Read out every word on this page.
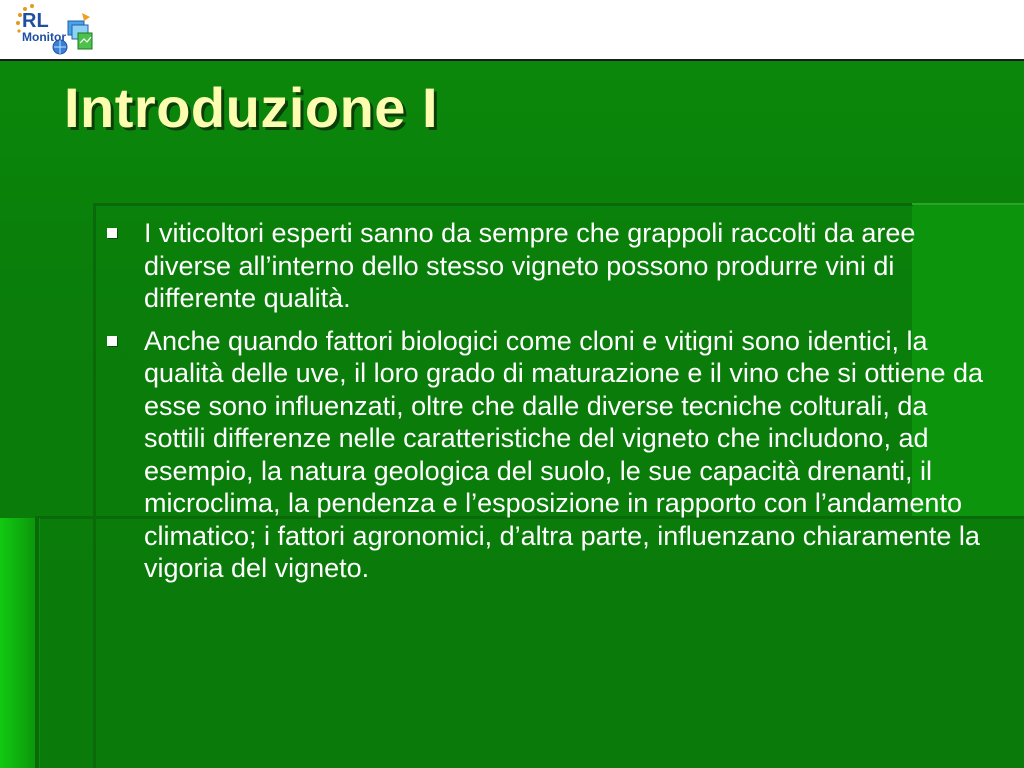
RL
Monitor
Introduzione I
I viticoltori esperti sanno da sempre che grappoli raccolti da aree diverse all’interno dello stesso vigneto possono produrre vini di differente qualità.
Anche quando fattori biologici come cloni e vitigni sono identici, la qualità delle uve, il loro grado di maturazione e il vino che si ottiene da esse sono influenzati, oltre che dalle diverse tecniche colturali, da sottili differenze nelle caratteristiche del vigneto che includono, ad esempio, la natura geologica del suolo, le sue capacità drenanti, il microclima, la pendenza e l’esposizione in rapporto con l’andamento climatico; i fattori agronomici, d’altra parte, influenzano chiaramente la vigoria del vigneto.
